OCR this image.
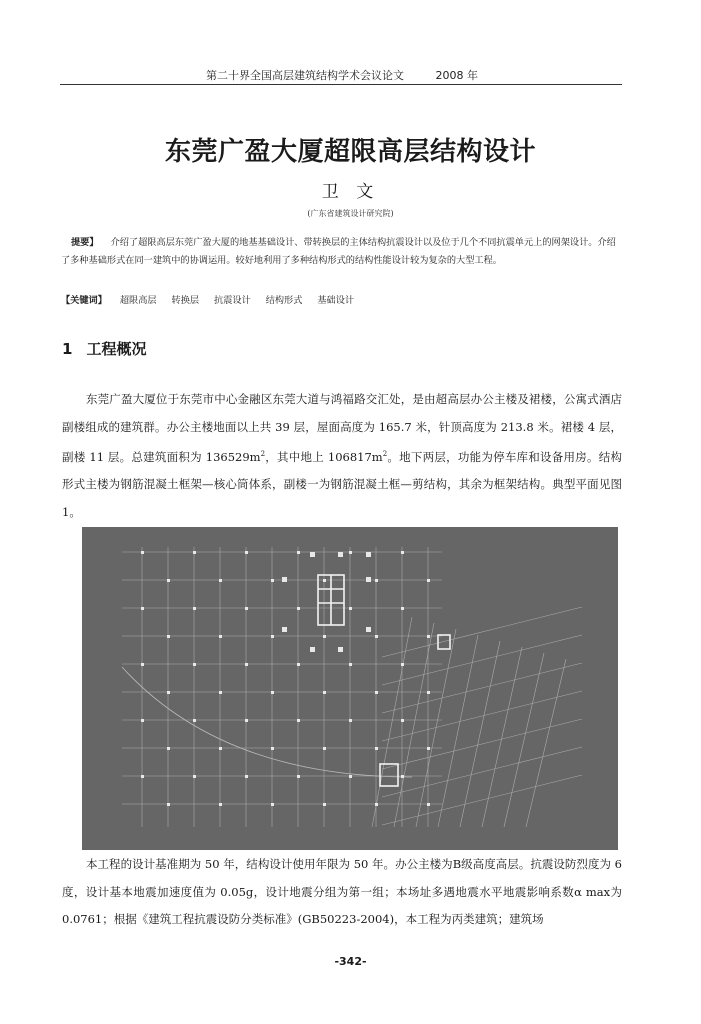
第二十界全国高层建筑结构学术会议论文	2008 年
东莞广盈大厦超限高层结构设计
卫 文
(广东省建筑设计研究院)
提要】 介绍了超限高层东莞广盈大厦的地基基础设计、带转换层的主体结构抗震设计以及位于几个不同抗震单元上的网架设计。介绍了多种基础形式在同一建筑中的协调运用。较好地利用了多种结构形式的结构性能设计较为复杂的大型工程。
【关键词】 超限高层 转换层 抗震设计 结构形式 基础设计
1 工程概况
东莞广盈大厦位于东莞市中心金融区东莞大道与鸿福路交汇处，是由超高层办公主楼及裙楼，公寓式酒店副楼组成的建筑群。办公主楼地面以上共 39 层，屋面高度为 165.7 米，针顶高度为 213.8 米。裙楼 4 层，副楼 11 层。总建筑面积为 $136529m^2$，其中地上 $106817m^2$。地下两层，功能为停车库和设备用房。结构形式主楼为钢筋混凝土框架—核心筒体系，副楼一为钢筋混凝土框—剪结构，其余为框架结构。典型平面见图 1。
本工程的设计基准期为 50 年，结构设计使用年限为 50 年。办公主楼为B级高度高层。抗震设防烈度为 6 度，设计基本地震加速度值为 0.05g，设计地震分组为第一组；本场址多遇地震水平地震影响系数α max为 0.0761；根据《建筑工程抗震设防分类标准》(GB50223-2004)，本工程为丙类建筑；建筑场
-342-
